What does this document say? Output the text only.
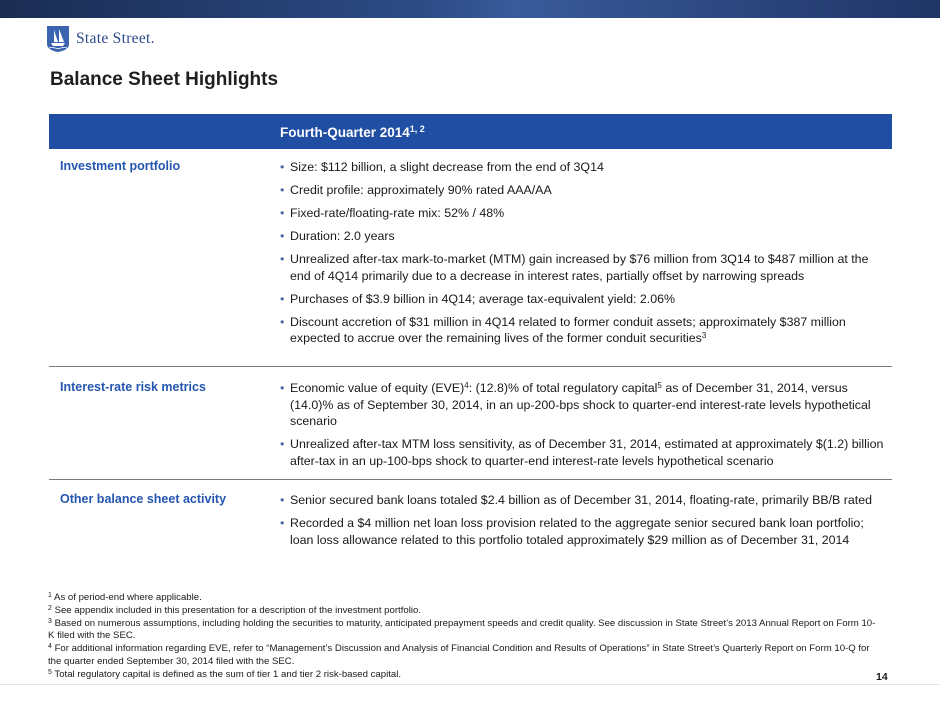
State Street.
Balance Sheet Highlights
Fourth-Quarter 2014$^{1, 2}$
Investment portfolio	• Size: $112 billion, a slight decrease from the end of 3Q14
• Credit profile: approximately 90% rated AAA/AA
• Fixed-rate/floating-rate mix: 52% / 48%
• Duration: 2.0 years
• Unrealized after-tax mark-to-market (MTM) gain increased by $76 million from 3Q14 to $487 million at the end of 4Q14 primarily due to a decrease in interest rates, partially offset by narrowing spreads
• Purchases of $3.9 billion in 4Q14; average tax-equivalent yield: 2.06%
• Discount accretion of $31 million in 4Q14 related to former conduit assets; approximately $387 million expected to accrue over the remaining lives of the former conduit securities$^3$
Interest-rate risk metrics	• Economic value of equity (EVE)$^4$: (12.8)% of total regulatory capital$^5$ as of December 31, 2014, versus (14.0)% as of September 30, 2014, in an up-200-bps shock to quarter-end interest-rate levels hypothetical scenario
• Unrealized after-tax MTM loss sensitivity, as of December 31, 2014, estimated at approximately $(1.2) billion after-tax in an up-100-bps shock to quarter-end interest-rate levels hypothetical scenario
Other balance sheet activity	• Senior secured bank loans totaled $2.4 billion as of December 31, 2014, floating-rate, primarily BB/B rated
• Recorded a $4 million net loan loss provision related to the aggregate senior secured bank loan portfolio; loan loss allowance related to this portfolio totaled approximately $29 million as of December 31, 2014

$^1$ As of period-end where applicable.

$^2$ See appendix included in this presentation for a description of the investment portfolio.

$^3$ Based on numerous assumptions, including holding the securities to maturity, anticipated prepayment speeds and credit quality. See discussion in State Street’s 2013 Annual Report on Form 10-K filed with the SEC.

$^4$ For additional information regarding EVE, refer to “Management’s Discussion and Analysis of Financial Condition and Results of Operations” in State Street’s Quarterly Report on Form 10-Q for the quarter ended September 30, 2014 filed with the SEC.

$^5$ Total regulatory capital is defined as the sum of tier 1 and tier 2 risk-based capital.	14
